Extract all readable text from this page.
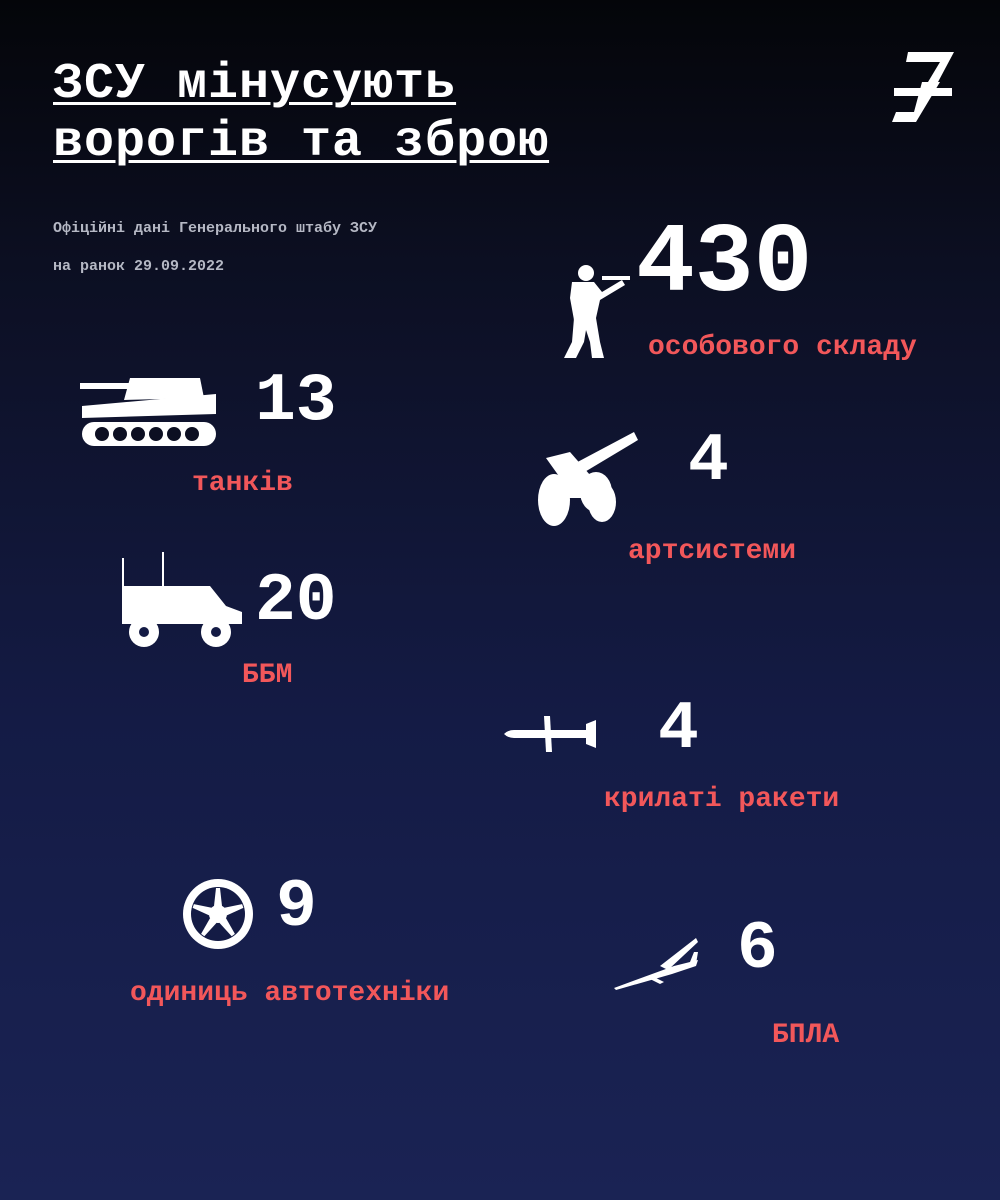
ЗСУ мінусують
ворогів та зброю
Офіційні дані Генерального штабу ЗСУ
на ранок 29.09.2022	430
особового складу
13
танків	4
артсистеми
20
ББМ
4
крилаті ракети
9
одиниць автотехніки
6
БПЛА
